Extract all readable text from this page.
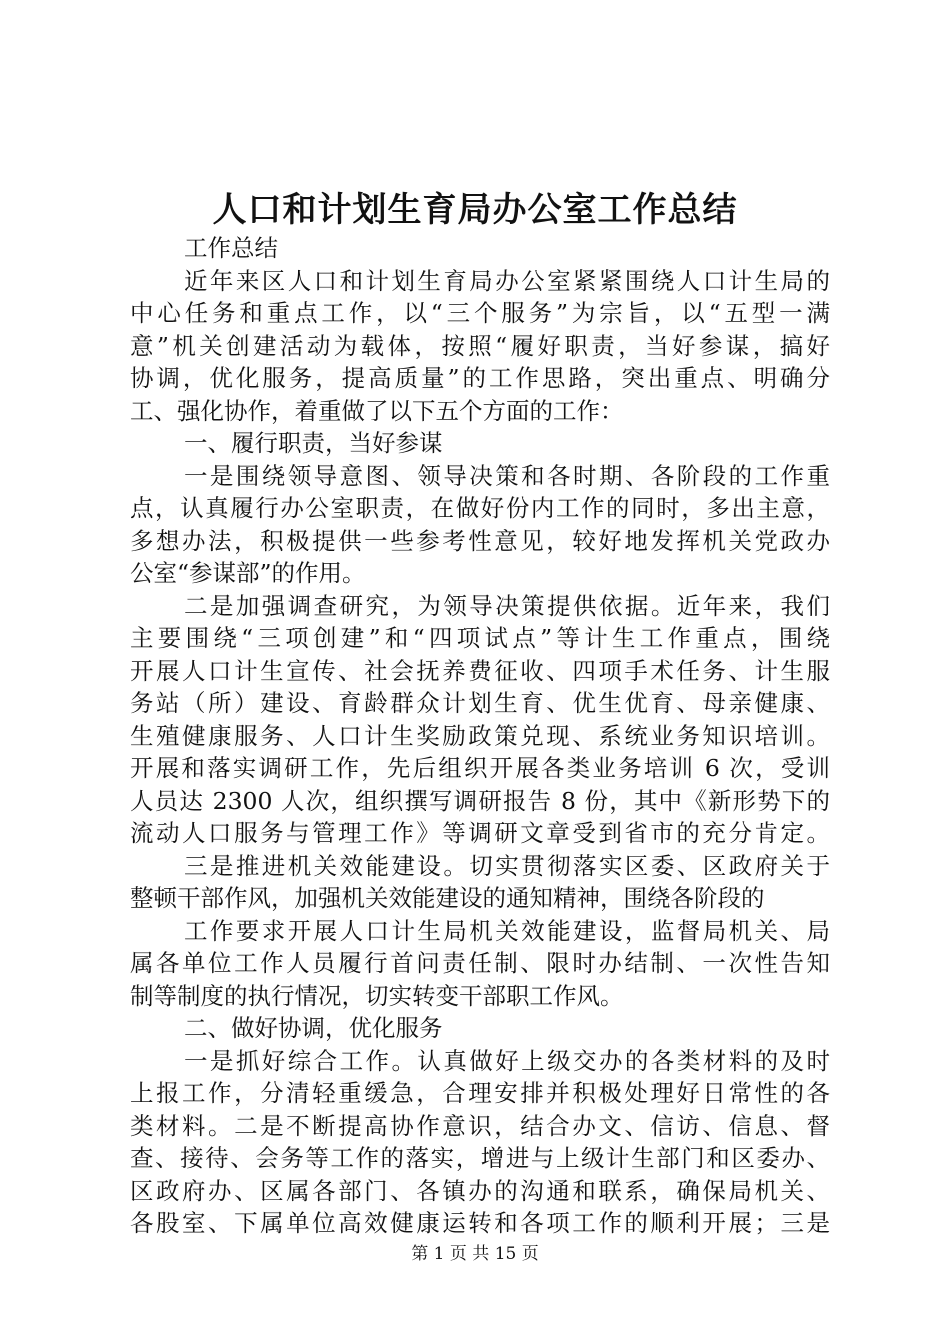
人口和计划生育局办公室工作总结
工作总结
近年来区人口和计划生育局办公室紧紧围绕人口计生局的
中心任务和重点工作，以“三个服务”为宗旨，以“五型一满
意”机关创建活动为载体，按照“履好职责，当好参谋，搞好
协调，优化服务，提高质量”的工作思路，突出重点、明确分
工、强化协作，着重做了以下五个方面的工作：
一、履行职责，当好参谋
一是围绕领导意图、领导决策和各时期、各阶段的工作重
点，认真履行办公室职责，在做好份内工作的同时，多出主意，
多想办法，积极提供一些参考性意见，较好地发挥机关党政办
公室“参谋部”的作用。
二是加强调查研究，为领导决策提供依据。近年来，我们
主要围绕“三项创建”和“四项试点”等计生工作重点，围绕
开展人口计生宣传、社会抚养费征收、四项手术任务、计生服
务站（所）建设、育龄群众计划生育、优生优育、母亲健康、
生殖健康服务、人口计生奖励政策兑现、系统业务知识培训。
开展和落实调研工作，先后组织开展各类业务培训 6 次，受训
人员达 2300 人次，组织撰写调研报告 8 份，其中《新形势下的
流动人口服务与管理工作》等调研文章受到省市的充分肯定。
三是推进机关效能建设。切实贯彻落实区委、区政府关于
整顿干部作风，加强机关效能建设的通知精神，围绕各阶段的
工作要求开展人口计生局机关效能建设，监督局机关、局
属各单位工作人员履行首问责任制、限时办结制、一次性告知
制等制度的执行情况，切实转变干部职工作风。
二、做好协调，优化服务
一是抓好综合工作。认真做好上级交办的各类材料的及时
上报工作，分清轻重缓急，合理安排并积极处理好日常性的各
类材料。二是不断提高协作意识，结合办文、信访、信息、督
查、接待、会务等工作的落实，增进与上级计生部门和区委办、
区政府办、区属各部门、各镇办的沟通和联系，确保局机关、
各股室、下属单位高效健康运转和各项工作的顺利开展；三是
第 1 页 共 15 页
